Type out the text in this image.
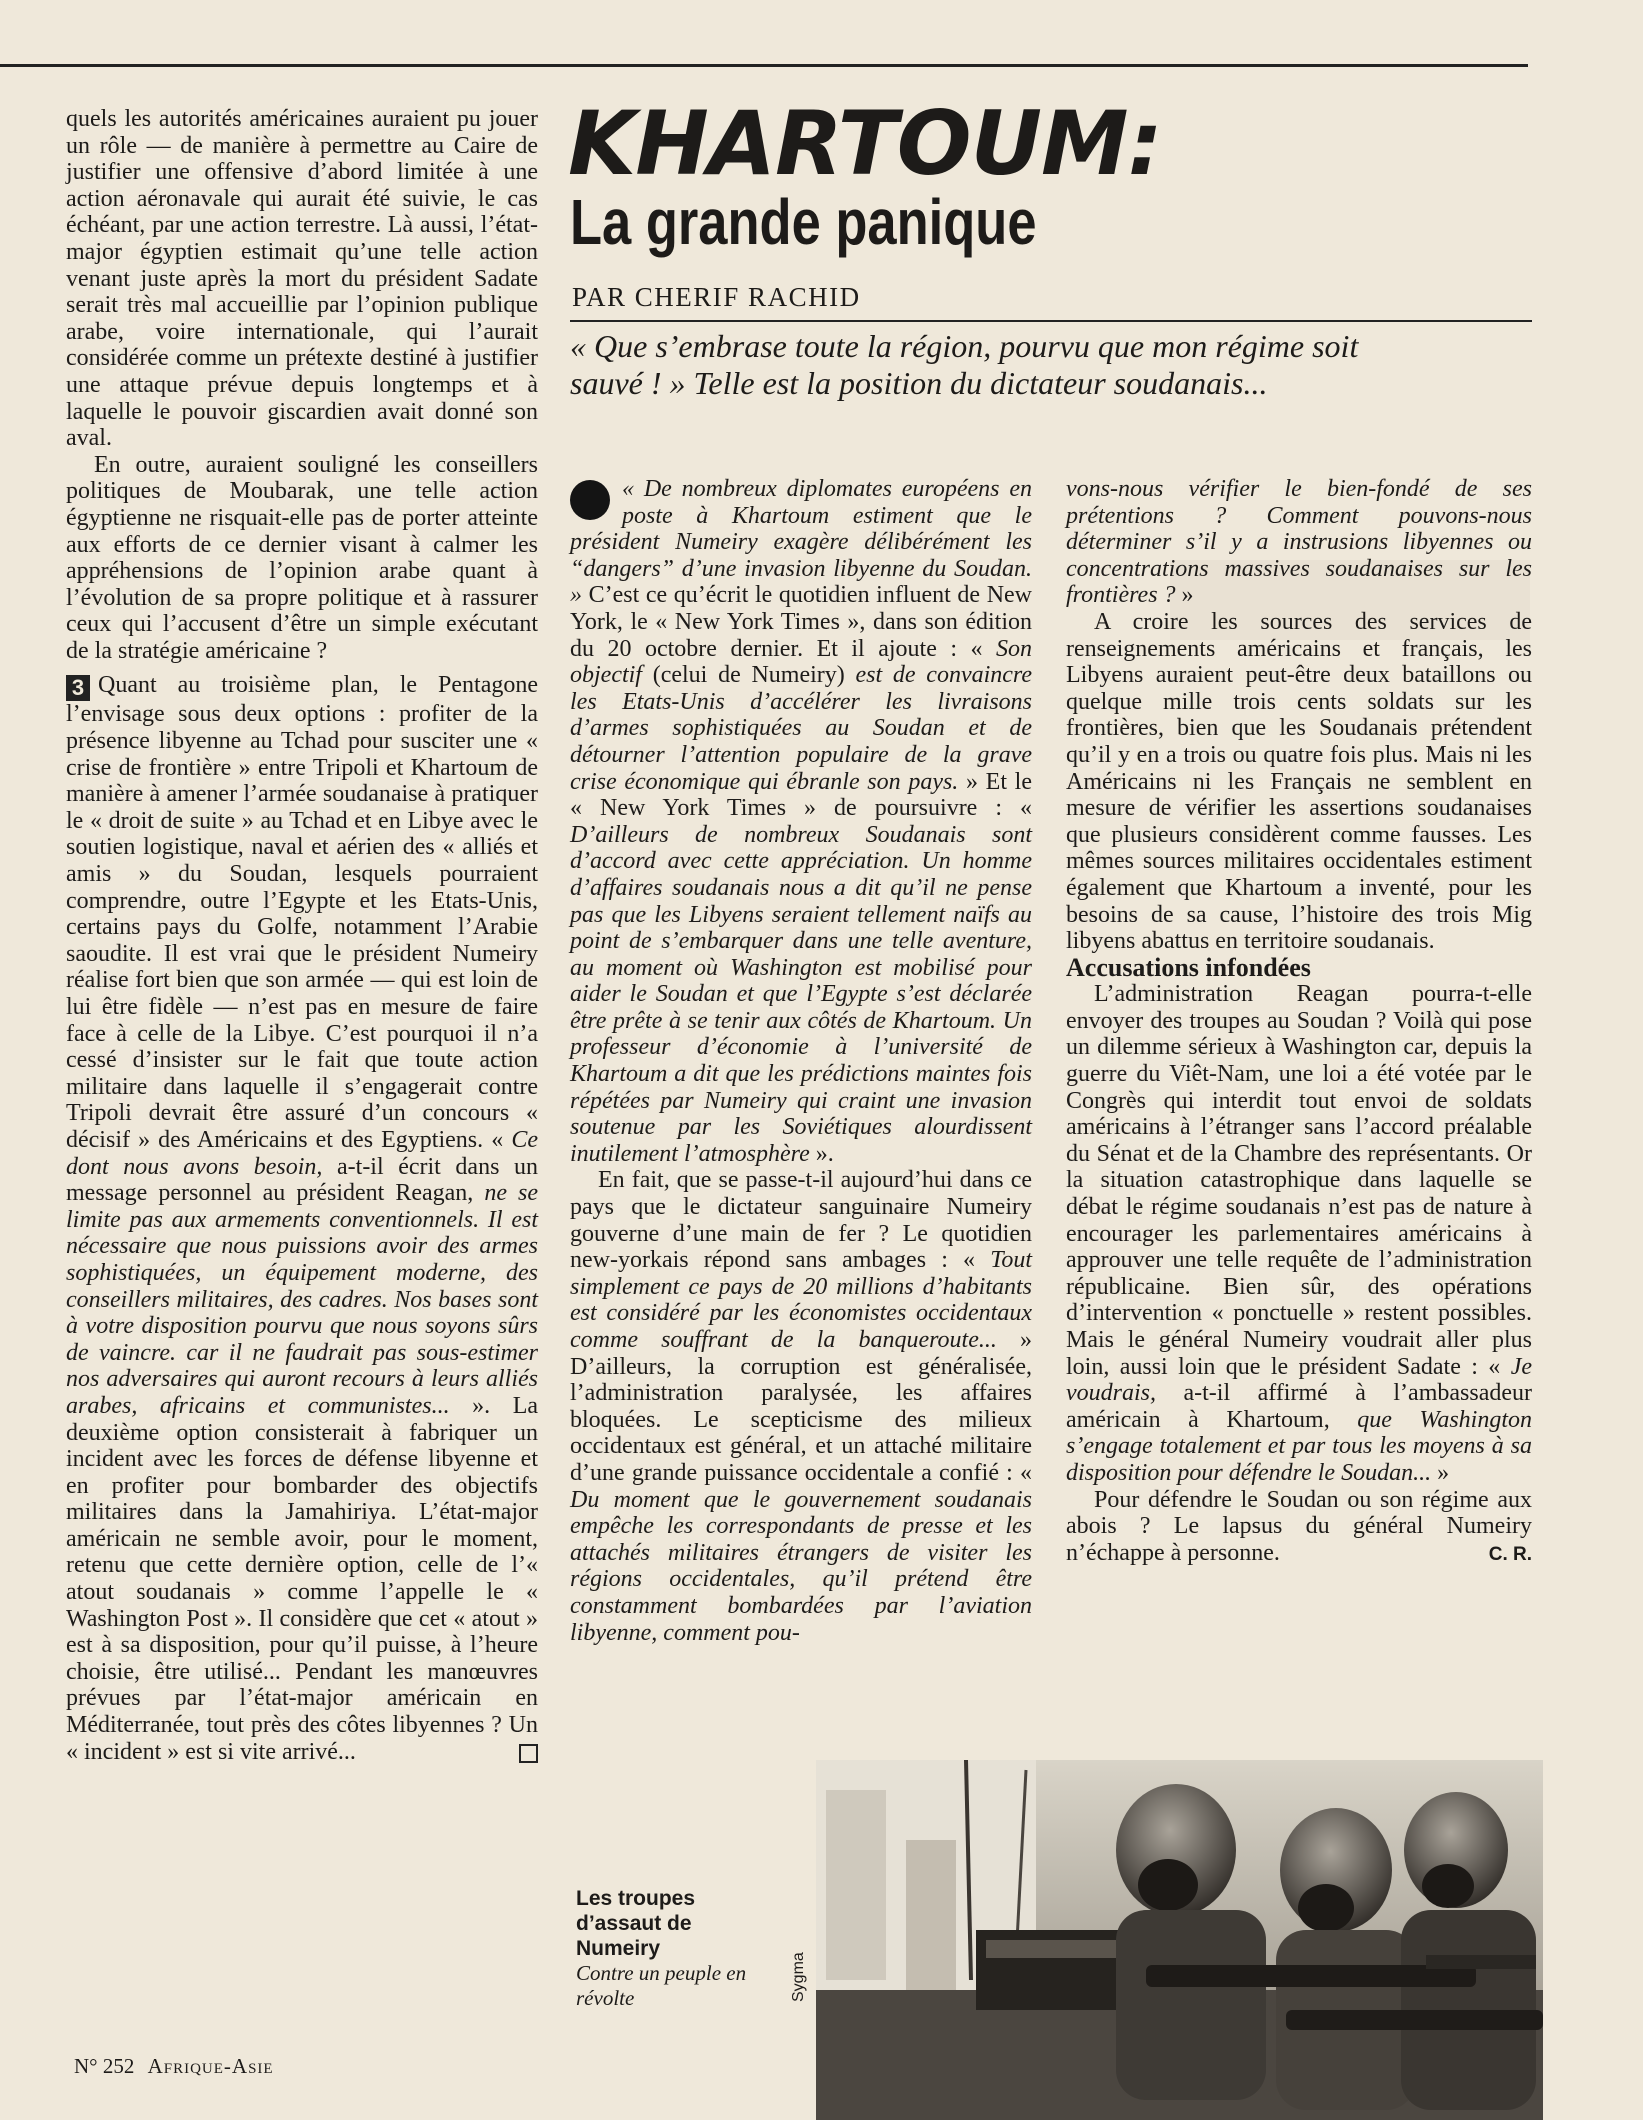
quels les autorités américaines auraient pu jouer un rôle — de manière à permettre au Caire de justifier une offensive d’abord limitée à une action aéronavale qui aurait été suivie, le cas échéant, par une action terrestre. Là aussi, l’état-major égyptien estimait qu’une telle action venant juste après la mort du président Sadate serait très mal accueillie par l’opinion publique arabe, voire internationale, qui l’aurait considérée comme un prétexte destiné à justifier une attaque prévue depuis longtemps et à laquelle le pouvoir giscardien avait donné son aval.

En outre, auraient souligné les conseillers politiques de Moubarak, une telle action égyptienne ne risquait-elle pas de porter atteinte aux efforts de ce dernier visant à calmer les appréhensions de l’opinion arabe quant à l’évolution de sa propre politique et à rassurer ceux qui l’accusent d’être un simple exécutant de la stratégie américaine ?

3 Quant au troisième plan, le Pentagone l’envisage sous deux options : profiter de la présence libyenne au Tchad pour susciter une « crise de frontière » entre Tripoli et Khartoum de manière à amener l’armée soudanaise à pratiquer le « droit de suite » au Tchad et en Libye avec le soutien logistique, naval et aérien des « alliés et amis » du Soudan, lesquels pourraient comprendre, outre l’Egypte et les Etats-Unis, certains pays du Golfe, notamment l’Arabie saoudite. Il est vrai que le président Numeiry réalise fort bien que son armée — qui est loin de lui être fidèle — n’est pas en mesure de faire face à celle de la Libye. C’est pourquoi il n’a cessé d’insister sur le fait que toute action militaire dans laquelle il s’engagerait contre Tripoli devrait être assuré d’un concours « décisif » des Américains et des Egyptiens. « Ce dont nous avons besoin, a-t-il écrit dans un message personnel au président Reagan, ne se limite pas aux armements conventionnels. Il est nécessaire que nous puissions avoir des armes sophistiquées, un équipement moderne, des conseillers militaires, des cadres. Nos bases sont à votre disposition pourvu que nous soyons sûrs de vaincre. car il ne faudrait pas sous-estimer nos adversaires qui auront recours à leurs alliés arabes, africains et communistes... ». La deuxième option consisterait à fabriquer un incident avec les forces de défense libyenne et en profiter pour bombarder des objectifs militaires dans la Jamahiriya. L’état-major américain ne semble avoir, pour le moment, retenu que cette dernière option, celle de l’« atout soudanais » comme l’appelle le « Washington Post ». Il considère que cet « atout » est à sa disposition, pour qu’il puisse, à l’heure choisie, être utilisé... Pendant les manœuvres prévues par l’état-major américain en Méditerranée, tout près des côtes libyennes ? Un « incident » est si vite arrivé...

KHARTOUM:
La grande panique
PAR CHERIF RACHID
« Que s’embrase toute la région, pourvu que mon régime soit sauvé ! » Telle est la position du dictateur soudanais...

« De nombreux diplomates européens en poste à Khartoum estiment que le président Numeiry exagère délibérément les “dangers” d’une invasion libyenne du Soudan. » C’est ce qu’écrit le quotidien influent de New York, le « New York Times », dans son édition du 20 octobre dernier. Et il ajoute : « Son objectif (celui de Numeiry) est de convaincre les Etats-Unis d’accélérer les livraisons d’armes sophistiquées au Soudan et de détourner l’attention populaire de la grave crise économique qui ébranle son pays. » Et le « New York Times » de poursuivre : « D’ailleurs de nombreux Soudanais sont d’accord avec cette appréciation. Un homme d’affaires soudanais nous a dit qu’il ne pense pas que les Libyens seraient tellement naïfs au point de s’embarquer dans une telle aventure, au moment où Washington est mobilisé pour aider le Soudan et que l’Egypte s’est déclarée être prête à se tenir aux côtés de Khartoum. Un professeur d’économie à l’université de Khartoum a dit que les prédictions maintes fois répétées par Numeiry qui craint une invasion soutenue par les Soviétiques alourdissent inutilement l’atmosphère ».

En fait, que se passe-t-il aujourd’hui dans ce pays que le dictateur sanguinaire Numeiry gouverne d’une main de fer ? Le quotidien new-yorkais répond sans ambages : « Tout simplement ce pays de 20 millions d’habitants est considéré par les économistes occidentaux comme souffrant de la banqueroute... » D’ailleurs, la corruption est généralisée, l’administration paralysée, les affaires bloquées. Le scepticisme des milieux occidentaux est général, et un attaché militaire d’une grande puissance occidentale a confié : « Du moment que le gouvernement soudanais empêche les correspondants de presse et les attachés militaires étrangers de visiter les régions occidentales, qu’il prétend être constamment bombardées par l’aviation libyenne, comment pou-

vons-nous vérifier le bien-fondé de ses prétentions ? Comment pouvons-nous déterminer s’il y a instrusions libyennes ou concentrations massives soudanaises sur les frontières ? »

A croire les sources des services de renseignements américains et français, les Libyens auraient peut-être deux bataillons ou quelque mille trois cents soldats sur les frontières, bien que les Soudanais prétendent qu’il y en a trois ou quatre fois plus. Mais ni les Américains ni les Français ne semblent en mesure de vérifier les assertions soudanaises que plusieurs considèrent comme fausses. Les mêmes sources militaires occidentales estiment également que Khartoum a inventé, pour les besoins de sa cause, l’histoire des trois Mig libyens abattus en territoire soudanais.

Accusations infondées

L’administration Reagan pourra-t-elle envoyer des troupes au Soudan ? Voilà qui pose un dilemme sérieux à Washington car, depuis la guerre du Viêt-Nam, une loi a été votée par le Congrès qui interdit tout envoi de soldats américains à l’étranger sans l’accord préalable du Sénat et de la Chambre des représentants. Or la situation catastrophique dans laquelle se débat le régime soudanais n’est pas de nature à encourager les parlementaires américains à approuver une telle requête de l’administration républicaine. Bien sûr, des opérations d’intervention « ponctuelle » restent possibles. Mais le général Numeiry voudrait aller plus loin, aussi loin que le président Sadate : « Je voudrais, a-t-il affirmé à l’ambassadeur américain à Khartoum, que Washington s’engage totalement et par tous les moyens à sa disposition pour défendre le Soudan... »

Pour défendre le Soudan ou son régime aux abois ? Le lapsus du général Numeiry n’échappe à personne.	C. R.

Les troupes d’assaut de Numeiry
Contre un peuple en révolte	Sygma
N° 252 Afrique-Asie
